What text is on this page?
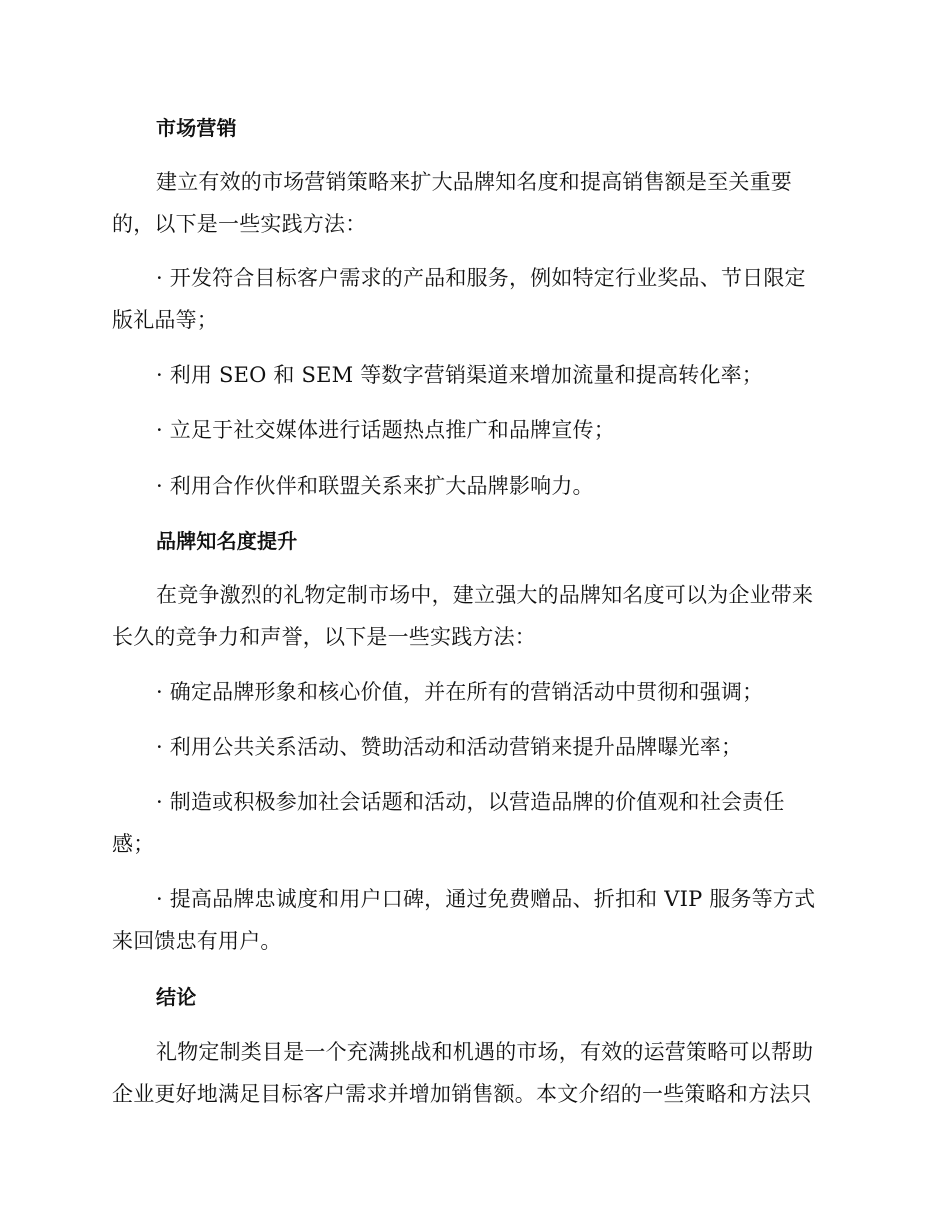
市场营销
建立有效的市场营销策略来扩大品牌知名度和提高销售额是至关重要
的，以下是一些实践方法：
· 开发符合目标客户需求的产品和服务，例如特定行业奖品、节日限定
版礼品等；
· 利用 SEO 和 SEM 等数字营销渠道来增加流量和提高转化率；
· 立足于社交媒体进行话题热点推广和品牌宣传；
· 利用合作伙伴和联盟关系来扩大品牌影响力。
品牌知名度提升
在竞争激烈的礼物定制市场中，建立强大的品牌知名度可以为企业带来
长久的竞争力和声誉，以下是一些实践方法：
· 确定品牌形象和核心价值，并在所有的营销活动中贯彻和强调；
· 利用公共关系活动、赞助活动和活动营销来提升品牌曝光率；
· 制造或积极参加社会话题和活动，以营造品牌的价值观和社会责任
感；
· 提高品牌忠诚度和用户口碑，通过免费赠品、折扣和 VIP 服务等方式
来回馈忠有用户。
结论
礼物定制类目是一个充满挑战和机遇的市场，有效的运营策略可以帮助
企业更好地满足目标客户需求并增加销售额。本文介绍的一些策略和方法只
